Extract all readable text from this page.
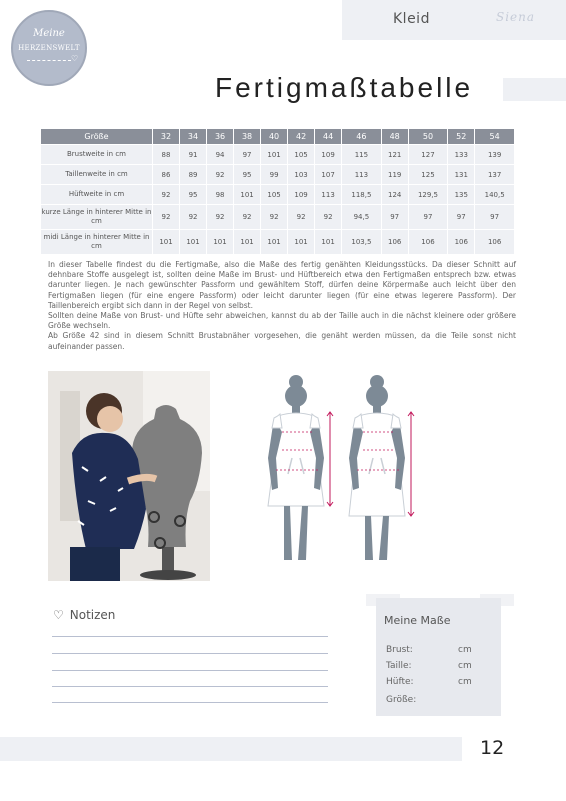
Kleid	Siena
Meine
HERZENSWELT
♡
Fertigmaßtabelle
Größe	32	34	36	38	40	42	44	46	48	50	52	54
Brustweite in cm	88	91	94	97	101	105	109	115	121	127	133	139
Taillenweite in cm	86	89	92	95	99	103	107	113	119	125	131	137
Hüftweite in cm	92	95	98	101	105	109	113	118,5	124	129,5	135	140,5
kurze Länge in hinterer Mitte in cm	92	92	92	92	92	92	92	94,5	97	97	97	97
midi Länge in hinterer Mitte in cm	101	101	101	101	101	101	101	103,5	106	106	106	106
In dieser Tabelle findest du die Fertigmaße, also die Maße des fertig genähten Kleidungsstücks. Da dieser Schnitt auf dehnbare Stoffe ausgelegt ist, sollten deine Maße im Brust- und Hüftbereich etwa den Fertigmaßen entsprech bzw. etwas darunter liegen. Je nach gewünschter Passform und gewähltem Stoff, dürfen deine Körpermaße auch leicht über den Fertigmaßen liegen (für eine engere Passform) oder leicht darunter liegen (für eine etwas legerere Passform). Der Taillenbereich ergibt sich dann in der Regel von selbst.
Sollten deine Maße von Brust- und Hüfte sehr abweichen, kannst du ab der Taille auch in die nächst kleinere oder größere Größe wechseln.
Ab Größe 42 sind in diesem Schnitt Brustabnäher vorgesehen, die genäht werden müssen, da die Teile sonst nicht aufeinander passen.
♡ Notizen	Meine Maße
Brust:	cm
Taille:	cm
Hüfte:	cm
Größe:
12
